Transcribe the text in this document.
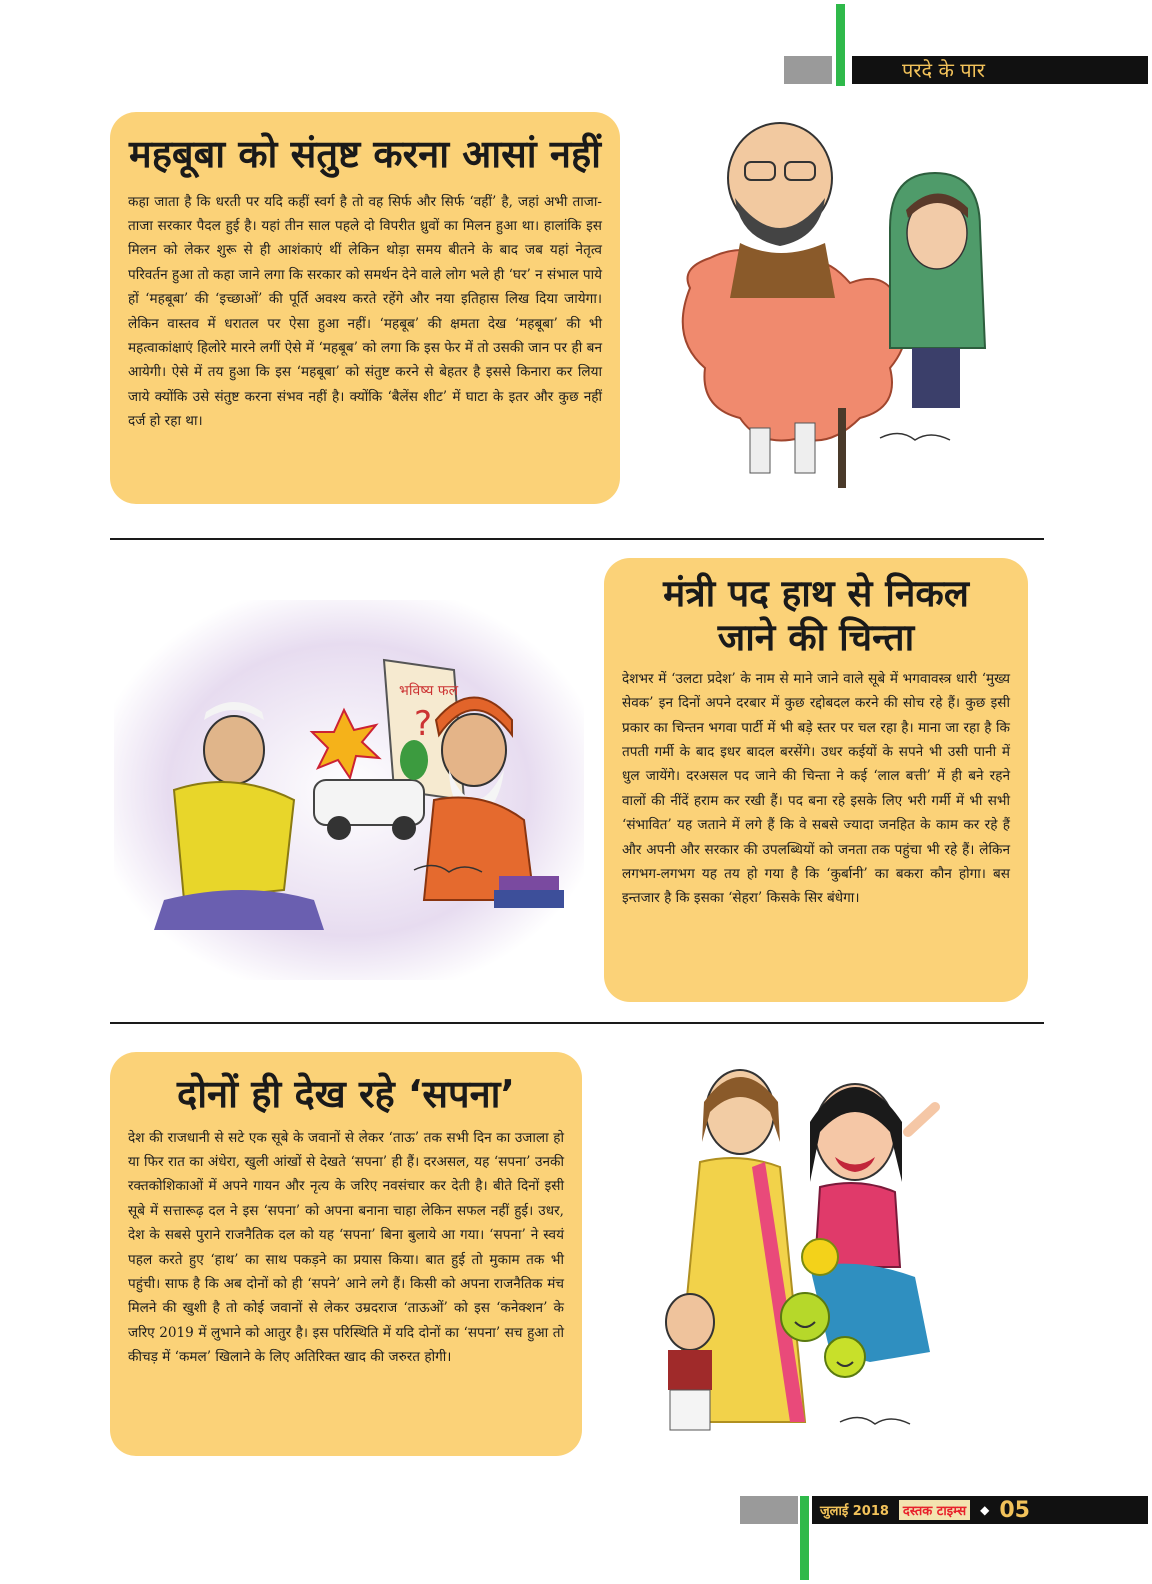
परदे के पार
महबूबा को संतुष्ट करना आसां नहीं

कहा जाता है कि धरती पर यदि कहीं स्वर्ग है तो वह सिर्फ और सिर्फ ‘वहीं’ है, जहां अभी ताजा-ताजा सरकार पैदल हुई है। यहां तीन साल पहले दो विपरीत ध्रुवों का मिलन हुआ था। हालांकि इस मिलन को लेकर शुरू से ही आशंकाएं थीं लेकिन थोड़ा समय बीतने के बाद जब यहां नेतृत्व परिवर्तन हुआ तो कहा जाने लगा कि सरकार को समर्थन देने वाले लोग भले ही ‘घर’ न संभाल पाये हों ‘महबूबा’ की ‘इच्छाओं’ की पूर्ति अवश्य करते रहेंगे और नया इतिहास लिख दिया जायेगा। लेकिन वास्तव में धरातल पर ऐसा हुआ नहीं। ‘महबूब’ की क्षमता देख ‘महबूबा’ की भी महत्वाकांक्षाएं हिलोरे मारने लगीं ऐसे में ‘महबूब’ को लगा कि इस फेर में तो उसकी जान पर ही बन आयेगी। ऐसे में तय हुआ कि इस ‘महबूबा’ को संतुष्ट करने से बेहतर है इससे किनारा कर लिया जाये क्योंकि उसे संतुष्ट करना संभव नहीं है। क्योंकि ‘बैलेंस शीट’ में घाटा के इतर और कुछ नहीं दर्ज हो रहा था।

भविष्य फल
?
मंत्री पद हाथ से निकल
जाने की चिन्ता

देशभर में ‘उलटा प्रदेश’ के नाम से माने जाने वाले सूबे में भगवावस्त्र धारी ‘मुख्य सेवक’ इन दिनों अपने दरबार में कुछ रद्दोबदल करने की सोच रहे हैं। कुछ इसी प्रकार का चिन्तन भगवा पार्टी में भी बड़े स्तर पर चल रहा है। माना जा रहा है कि तपती गर्मी के बाद इधर बादल बरसेंगे। उधर कईयों के सपने भी उसी पानी में धुल जायेंगे। दरअसल पद जाने की चिन्ता ने कई ‘लाल बत्ती’ में ही बने रहने वालों की नींदें हराम कर रखी हैं। पद बना रहे इसके लिए भरी गर्मी में भी सभी ‘संभावित’ यह जताने में लगे हैं कि वे सबसे ज्यादा जनहित के काम कर रहे हैं और अपनी और सरकार की उपलब्धियों को जनता तक पहुंचा भी रहे हैं। लेकिन लगभग-लगभग यह तय हो गया है कि ‘कुर्बानी’ का बकरा कौन होगा। बस इन्तजार है कि इसका ‘सेहरा’ किसके सिर बंधेगा।

दोनों ही देख रहे ‘सपना’

देश की राजधानी से सटे एक सूबे के जवानों से लेकर ‘ताऊ’ तक सभी दिन का उजाला हो या फिर रात का अंधेरा, खुली आंखों से देखते ‘सपना’ ही हैं। दरअसल, यह ‘सपना’ उनकी रक्तकोशिकाओं में अपने गायन और नृत्य के जरिए नवसंचार कर देती है। बीते दिनों इसी सूबे में सत्तारूढ़ दल ने इस ‘सपना’ को अपना बनाना चाहा लेकिन सफल नहीं हुई। उधर, देश के सबसे पुराने राजनैतिक दल को यह ‘सपना’ बिना बुलाये आ गया। ‘सपना’ ने स्वयं पहल करते हुए ‘हाथ’ का साथ पकड़ने का प्रयास किया। बात हुई तो मुकाम तक भी पहुंची। साफ है कि अब दोनों को ही ‘सपने’ आने लगे हैं। किसी को अपना राजनैतिक मंच मिलने की खुशी है तो कोई जवानों से लेकर उम्रदराज ‘ताऊओं’ को इस ‘कनेक्शन’ के जरिए 2019 में लुभाने को आतुर है। इस परिस्थिति में यदि दोनों का ‘सपना’ सच हुआ तो कीचड़ में ‘कमल’ खिलाने के लिए अतिरिक्त खाद की जरुरत होगी।

जुलाई 2018	दस्तक टाइम्स	◆ 05
